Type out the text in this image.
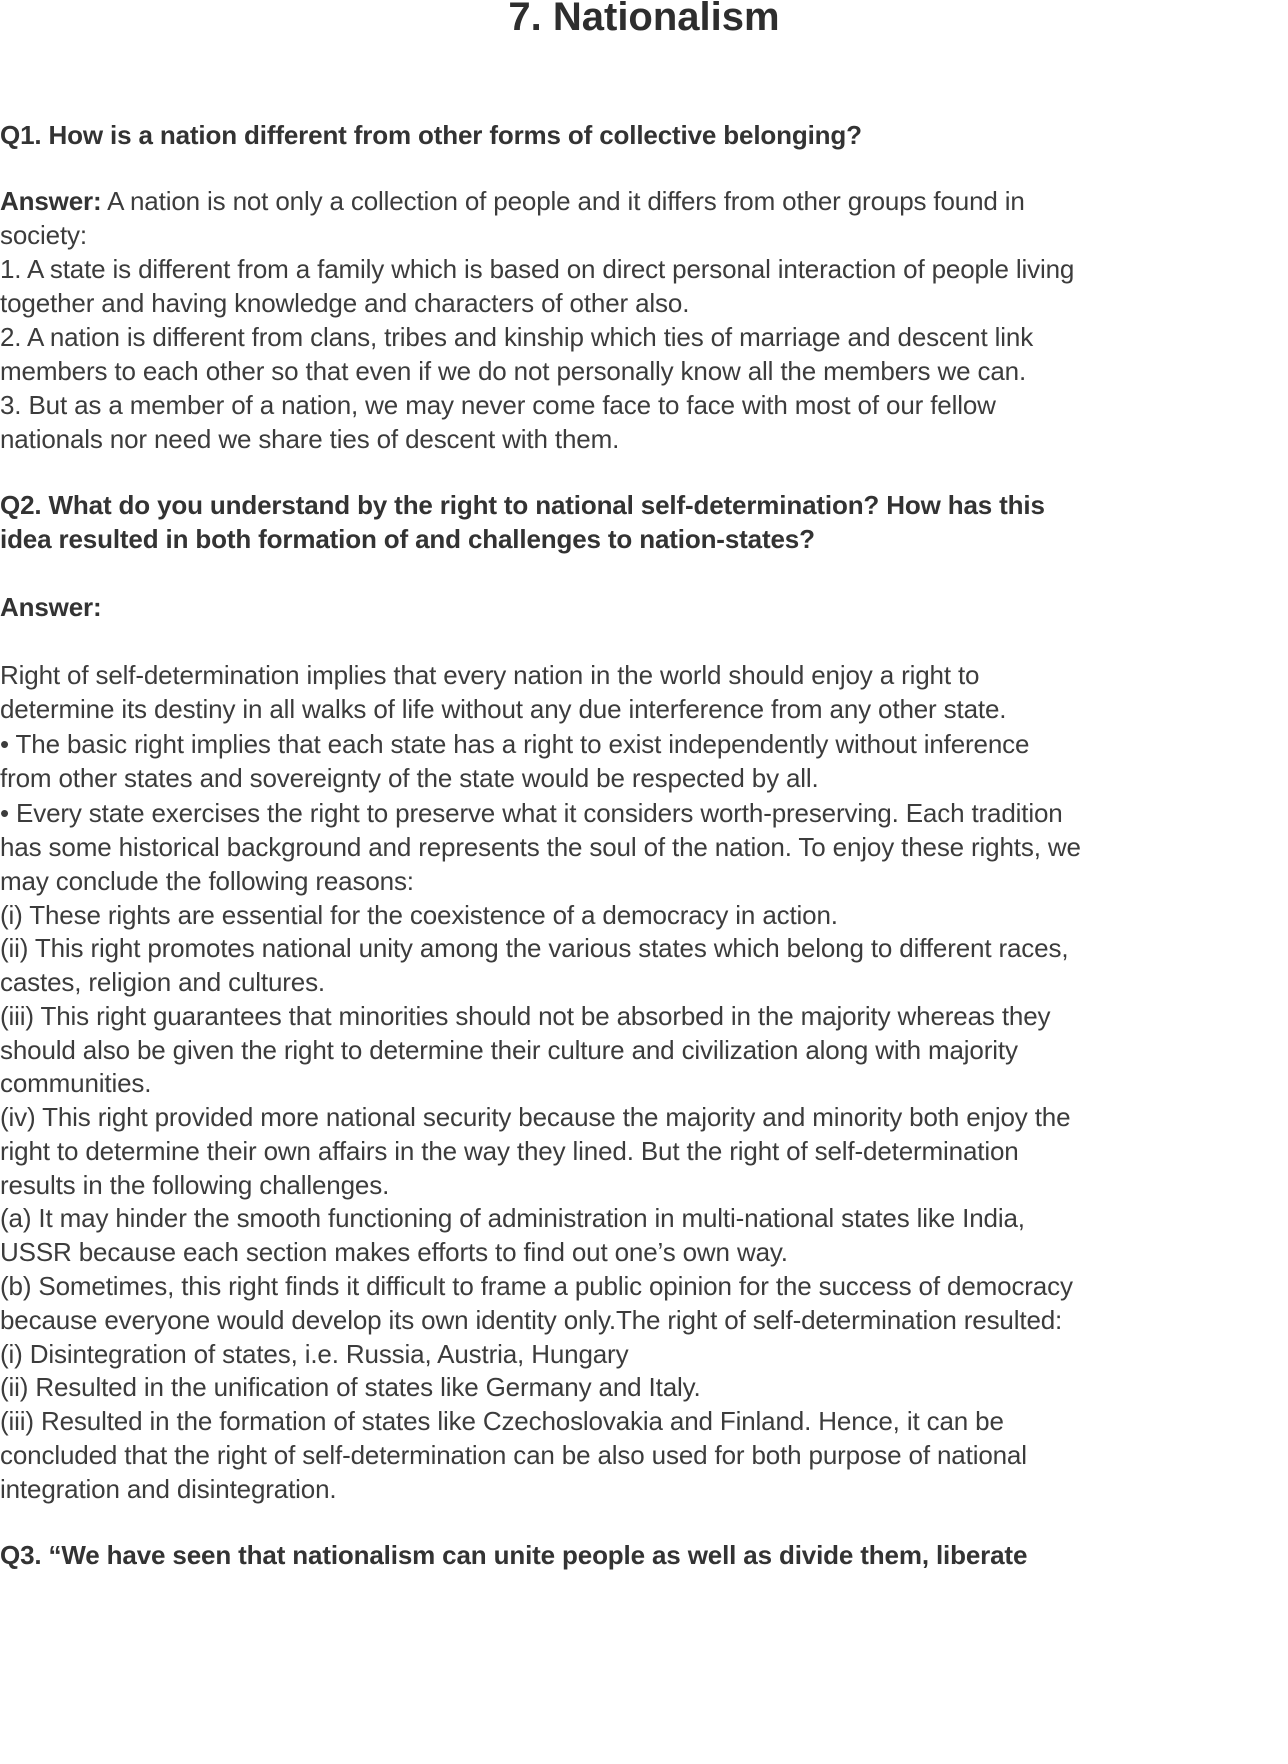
7. Nationalism
Q1. How is a nation different from other forms of collective belonging?
Answer: A nation is not only a collection of people and it differs from other groups found in
society:
1. A state is different from a family which is based on direct personal interaction of people living
together and having knowledge and characters of other also.
2. A nation is different from clans, tribes and kinship which ties of marriage and descent link
members to each other so that even if we do not personally know all the members we can.
3. But as a member of a nation, we may never come face to face with most of our fellow
nationals nor need we share ties of descent with them.
Q2. What do you understand by the right to national self-determination? How has this
idea resulted in both formation of and challenges to nation-states?
Answer:
Right of self-determination implies that every nation in the world should enjoy a right to
determine its destiny in all walks of life without any due interference from any other state.
• The basic right implies that each state has a right to exist independently without inference
from other states and sovereignty of the state would be respected by all.
• Every state exercises the right to preserve what it considers worth-preserving. Each tradition
has some historical background and represents the soul of the nation. To enjoy these rights, we
may conclude the following reasons:
(i) These rights are essential for the coexistence of a democracy in action.
(ii) This right promotes national unity among the various states which belong to different races,
castes, religion and cultures.
(iii) This right guarantees that minorities should not be absorbed in the majority whereas they
should also be given the right to determine their culture and civilization along with majority
communities.
(iv) This right provided more national security because the majority and minority both enjoy the
right to determine their own affairs in the way they lined. But the right of self-determination
results in the following challenges.
(a) It may hinder the smooth functioning of administration in multi-national states like India,
USSR because each section makes efforts to find out one’s own way.
(b) Sometimes, this right finds it difficult to frame a public opinion for the success of democracy
because everyone would develop its own identity only.The right of self-determination resulted:
(i) Disintegration of states, i.e. Russia, Austria, Hungary
(ii) Resulted in the unification of states like Germany and Italy.
(iii) Resulted in the formation of states like Czechoslovakia and Finland. Hence, it can be
concluded that the right of self-determination can be also used for both purpose of national
integration and disintegration.
Q3. “We have seen that nationalism can unite people as well as divide them, liberate
